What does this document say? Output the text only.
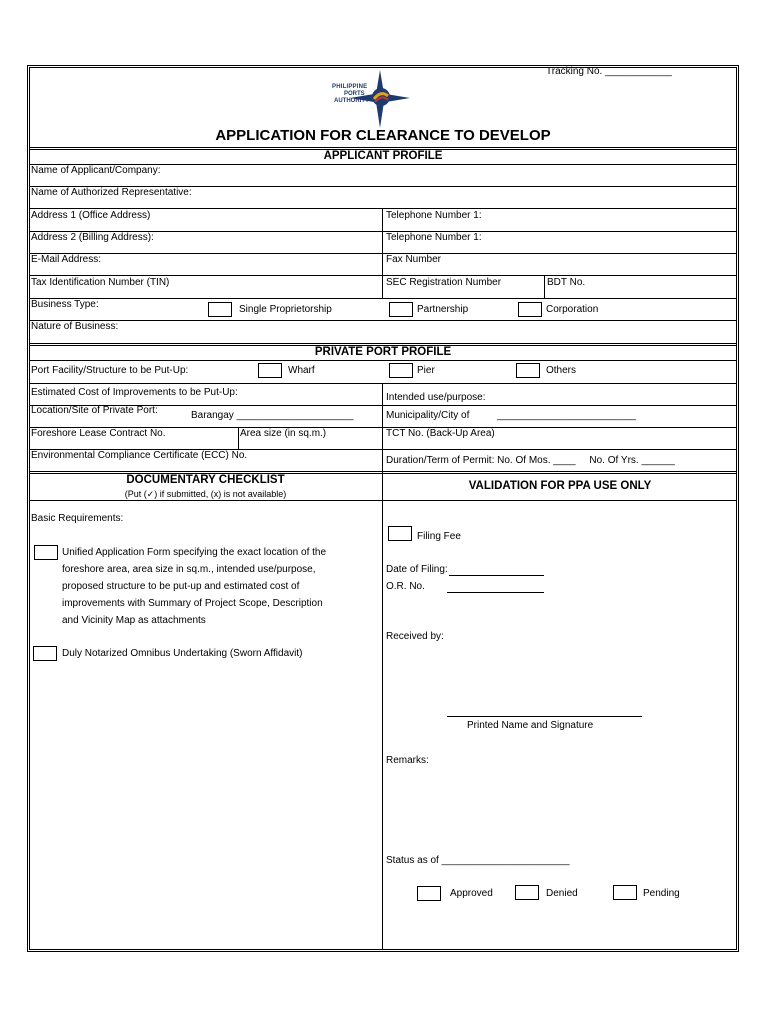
Tracking No. ____________
PHILIPPINE
PORTS
AUTHORITY
APPLICATION FOR CLEARANCE TO DEVELOP
APPLICANT PROFILE
Name of Applicant/Company:
Name of Authorized Representative:
Address 1 (Office Address)	Telephone Number 1:
Address 2 (Billing Address):	Telephone Number 1:
E-Mail Address:	Fax Number
Tax Identification Number (TIN)	SEC Registration Number	BDT No.
Business Type:	Single Proprietorship	Partnership	Corporation
Nature of Business:
PRIVATE PORT PROFILE
Port Facility/Structure to be Put-Up:	Wharf	Pier	Others
Estimated Cost of Improvements to be Put-Up:	Intended use/purpose:
Location/Site of Private Port:	Barangay _____________________	Municipality/City of	_________________________
Foreshore Lease Contract No.	Area size (in sq.m.)	TCT No. (Back-Up Area)
Environmental Compliance Certificate (ECC) No.	Duration/Term of Permit: No. Of Mos. ____     No. Of Yrs. ______
DOCUMENTARY CHECKLIST
(Put (✓) if submitted, (x) is not available)
VALIDATION FOR PPA USE ONLY
Basic Requirements:
Unified Application Form specifying the exact location of the
foreshore area, area size in sq.m., intended use/purpose,
proposed structure to be put-up and estimated cost of
improvements with Summary of Project Scope, Description
and Vicinity Map as attachments
Duly Notarized Omnibus Undertaking (Sworn Affidavit)
Filing Fee
Date of Filing:
O.R. No.
Received by:
Printed Name and Signature
Remarks:
Status as of _______________________
Approved	Denied	Pending
